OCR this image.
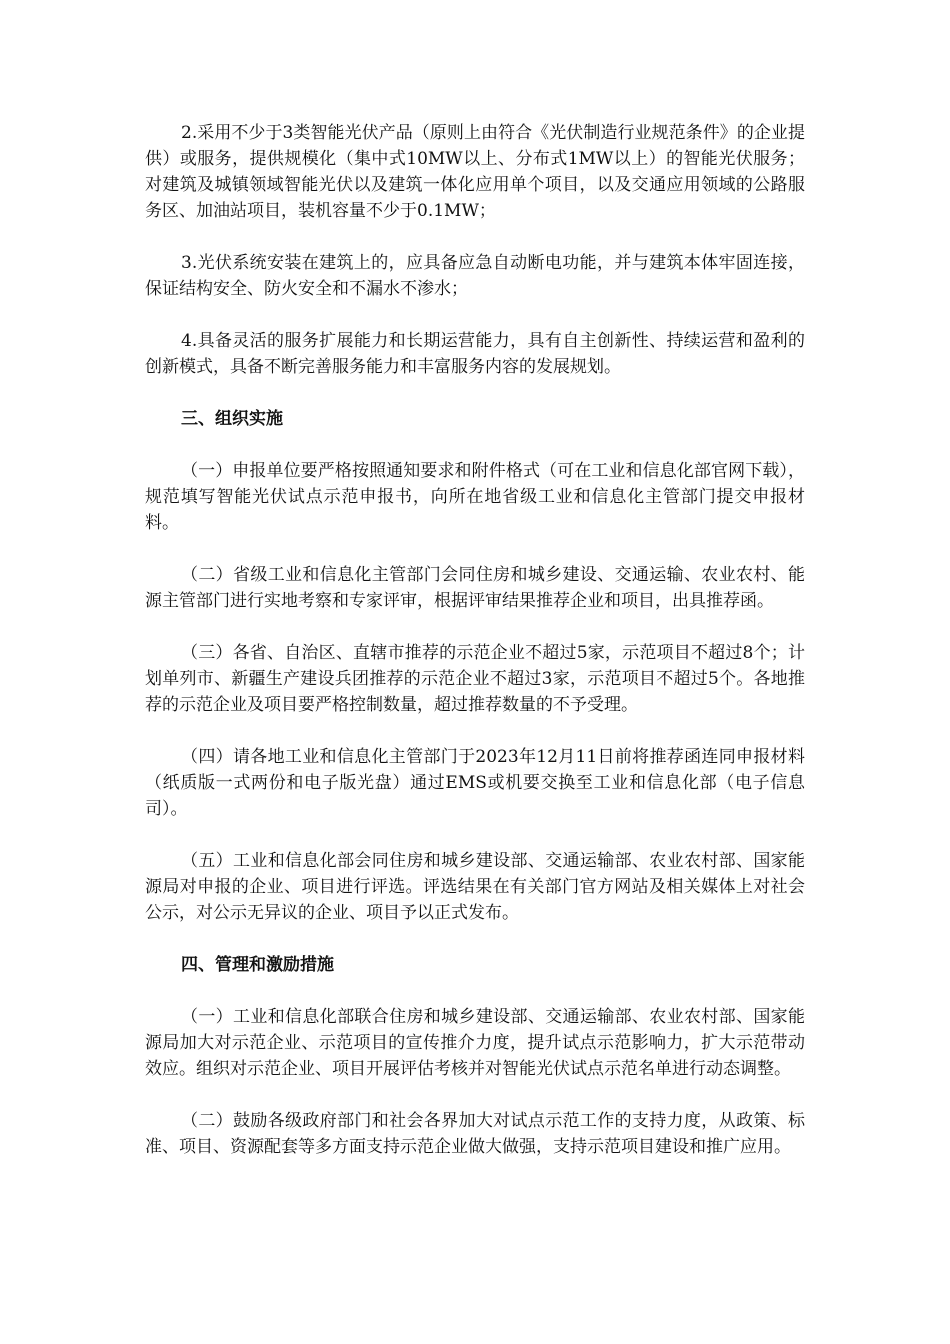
2.采用不少于3类智能光伏产品（原则上由符合《光伏制造行业规范条件》的企业提供）或服务，提供规模化（集中式10MW以上、分布式1MW以上）的智能光伏服务；对建筑及城镇领域智能光伏以及建筑一体化应用单个项目，以及交通应用领域的公路服务区、加油站项目，装机容量不少于0.1MW；

3.光伏系统安装在建筑上的，应具备应急自动断电功能，并与建筑本体牢固连接，保证结构安全、防火安全和不漏水不渗水；

4.具备灵活的服务扩展能力和长期运营能力，具有自主创新性、持续运营和盈利的创新模式，具备不断完善服务能力和丰富服务内容的发展规划。

三、组织实施

（一）申报单位要严格按照通知要求和附件格式（可在工业和信息化部官网下载），规范填写智能光伏试点示范申报书，向所在地省级工业和信息化主管部门提交申报材料。

（二）省级工业和信息化主管部门会同住房和城乡建设、交通运输、农业农村、能源主管部门进行实地考察和专家评审，根据评审结果推荐企业和项目，出具推荐函。

（三）各省、自治区、直辖市推荐的示范企业不超过5家，示范项目不超过8个；计划单列市、新疆生产建设兵团推荐的示范企业不超过3家，示范项目不超过5个。各地推荐的示范企业及项目要严格控制数量，超过推荐数量的不予受理。

（四）请各地工业和信息化主管部门于2023年12月11日前将推荐函连同申报材料（纸质版一式两份和电子版光盘）通过EMS或机要交换至工业和信息化部（电子信息司）。

（五）工业和信息化部会同住房和城乡建设部、交通运输部、农业农村部、国家能源局对申报的企业、项目进行评选。评选结果在有关部门官方网站及相关媒体上对社会公示，对公示无异议的企业、项目予以正式发布。

四、管理和激励措施

（一）工业和信息化部联合住房和城乡建设部、交通运输部、农业农村部、国家能源局加大对示范企业、示范项目的宣传推介力度，提升试点示范影响力，扩大示范带动效应。组织对示范企业、项目开展评估考核并对智能光伏试点示范名单进行动态调整。

（二）鼓励各级政府部门和社会各界加大对试点示范工作的支持力度，从政策、标准、项目、资源配套等多方面支持示范企业做大做强，支持示范项目建设和推广应用。
